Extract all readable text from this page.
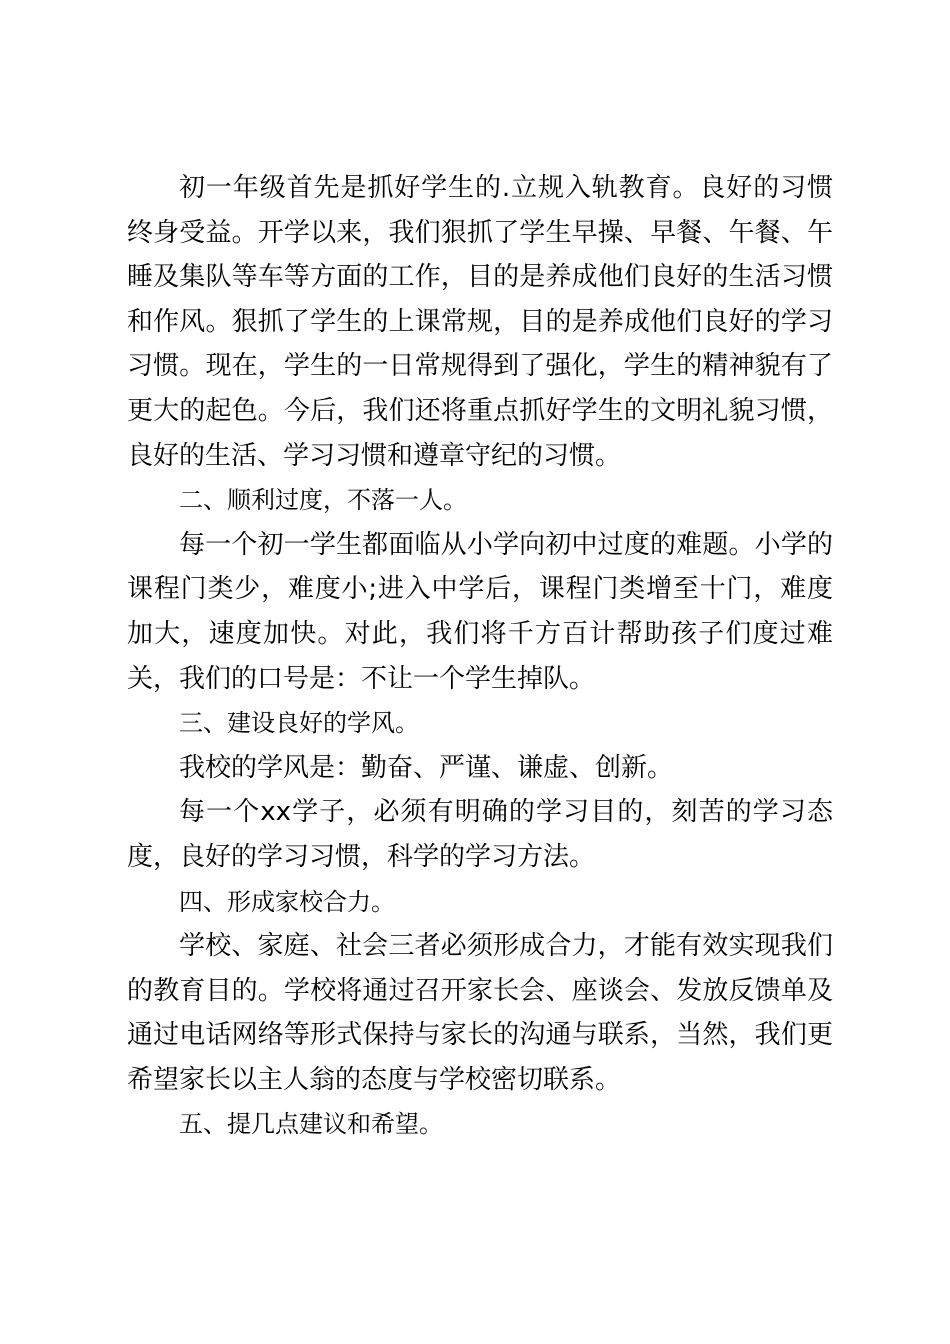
初一年级首先是抓好学生的.立规入轨教育。良好的习惯终身受益。开学以来，我们狠抓了学生早操、早餐、午餐、午睡及集队等车等方面的工作，目的是养成他们良好的生活习惯和作风。狠抓了学生的上课常规，目的是养成他们良好的学习习惯。现在，学生的一日常规得到了强化，学生的精神貌有了更大的起色。今后，我们还将重点抓好学生的文明礼貌习惯，良好的生活、学习习惯和遵章守纪的习惯。

二、顺利过度，不落一人。

每一个初一学生都面临从小学向初中过度的难题。小学的课程门类少，难度小;进入中学后，课程门类增至十门，难度加大，速度加快。对此，我们将千方百计帮助孩子们度过难关，我们的口号是：不让一个学生掉队。

三、建设良好的学风。

我校的学风是：勤奋、严谨、谦虚、创新。

每一个xx学子，必须有明确的学习目的，刻苦的学习态度，良好的学习习惯，科学的学习方法。

四、形成家校合力。

学校、家庭、社会三者必须形成合力，才能有效实现我们的教育目的。学校将通过召开家长会、座谈会、发放反馈单及通过电话网络等形式保持与家长的沟通与联系，当然，我们更希望家长以主人翁的态度与学校密切联系。

五、提几点建议和希望。
